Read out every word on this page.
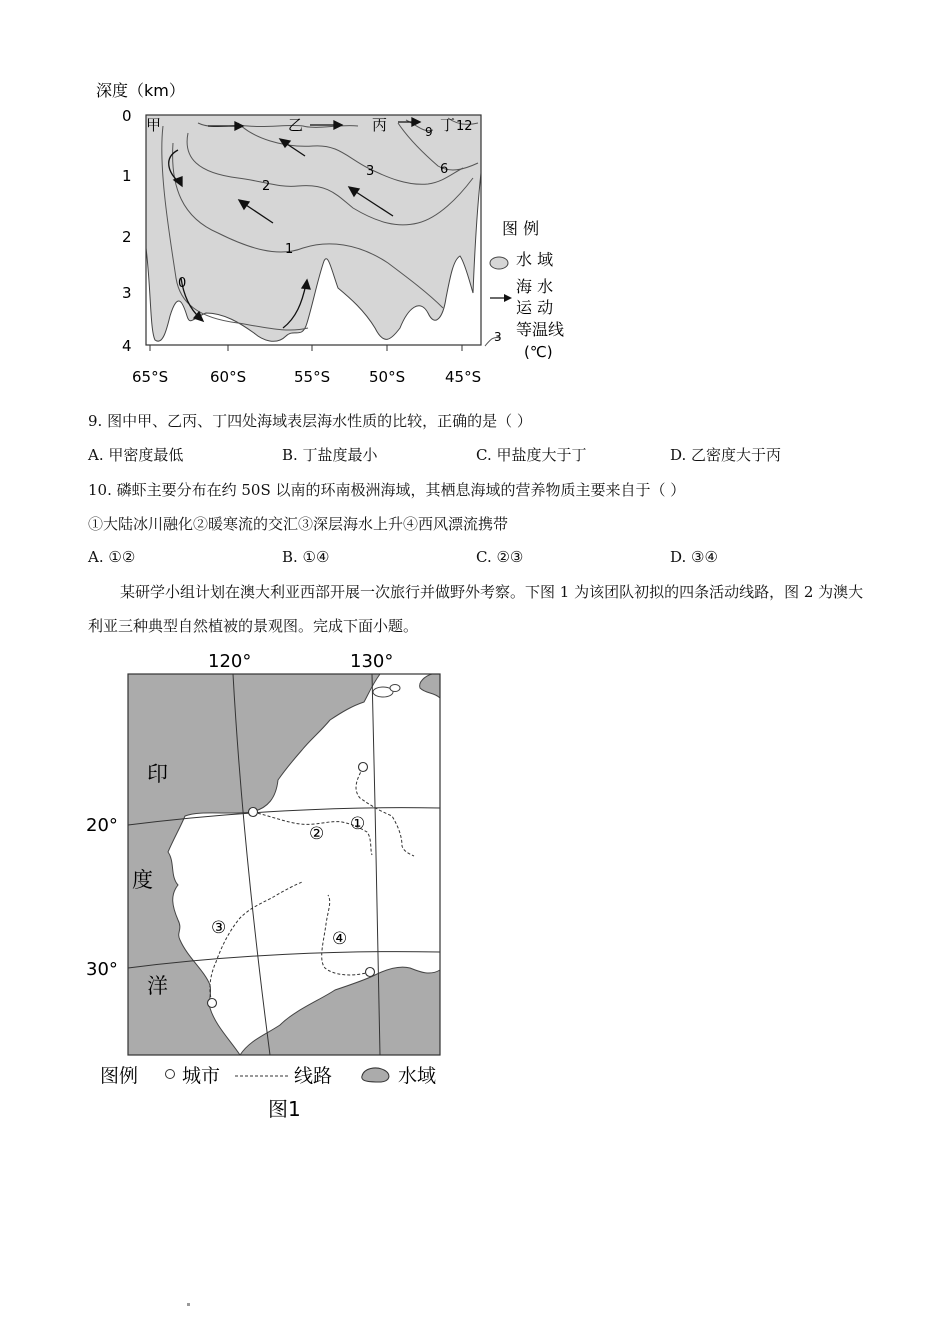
甲	乙	丙	丁
0
1
2
3	6
9 12
深度（km）
0
1
2
3
4
65°S	60°S	55°S	50°S	45°S
图 例
水 域
海 水
运 动
3 等温线
(℃)
9. 图中甲、乙丙、丁四处海域表层海水性质的比较，正确的是（ ）
A. 甲密度最低	B. 丁盐度最小	C. 甲盐度大于丁	D. 乙密度大于丙
10. 磷虾主要分布在约 50S 以南的环南极洲海域，其栖息海域的营养物质主要来自于（ ）
①大陆冰川融化②暖寒流的交汇③深层海水上升④西风漂流携带
A. ①②	B. ①④	C. ②③	D. ③④
某研学小组计划在澳大利亚西部开展一次旅行并做野外考察。下图 1 为该团队初拟的四条活动线路，图 2 为澳大利亚三种典型自然植被的景观图。完成下面小题。
①
②
③
④
120°	130°
20°
30°
印
度
洋
图例 城市	线路	水域
图1
